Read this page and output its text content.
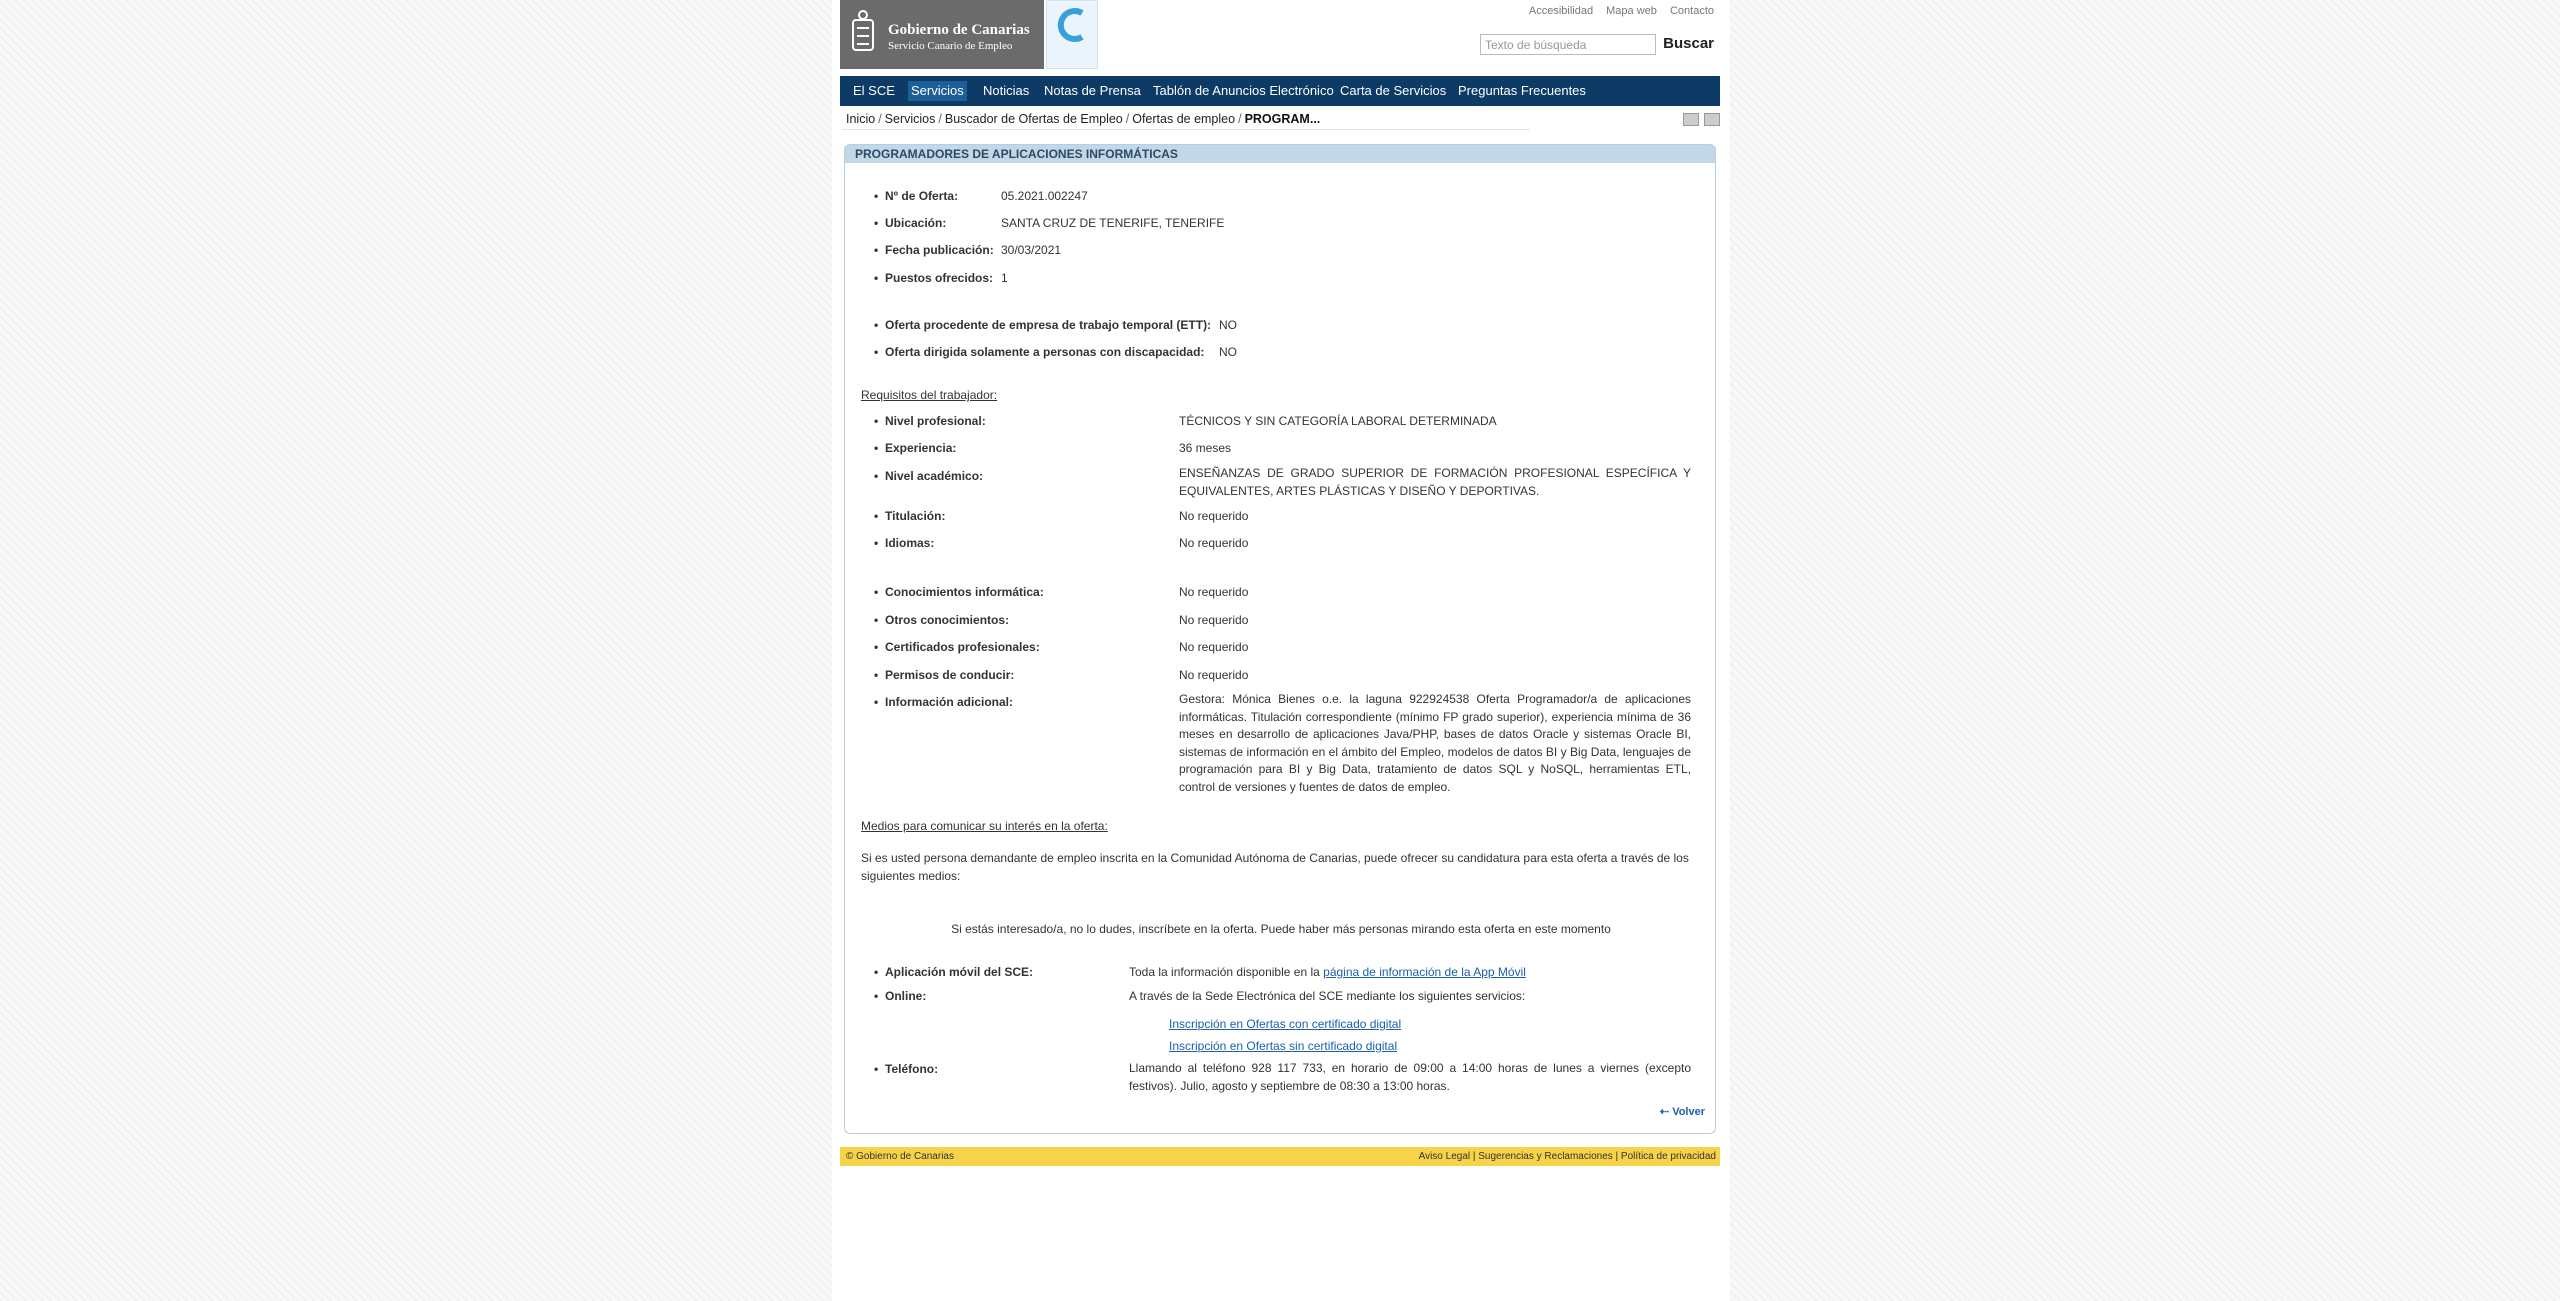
Gobierno de Canarias
Servicio Canario de Empleo
Accesibilidad Mapa web Contacto
Texto de búsqueda	Buscar
El SCE Servicios Noticias Notas de Prensa Tablón de Anuncios Electrónico Carta de Servicios Preguntas Frecuentes
Inicio / Servicios / Buscador de Ofertas de Empleo / Ofertas de empleo / PROGRAM...
PROGRAMADORES DE APLICACIONES INFORMÁTICAS
• Nº de Oferta:	05.2021.002247
• Ubicación:	SANTA CRUZ DE TENERIFE, TENERIFE
• Fecha publicación: 30/03/2021
• Puestos ofrecidos: 1
• Oferta procedente de empresa de trabajo temporal (ETT): NO
• Oferta dirigida solamente a personas con discapacidad: NO
Requisitos del trabajador:
• Nivel profesional:	TÉCNICOS Y SIN CATEGORÍA LABORAL DETERMINADA
• Experiencia:	36 meses
• Nivel académico:	ENSEÑANZAS DE GRADO SUPERIOR DE FORMACIÓN PROFESIONAL ESPECÍFICA Y EQUIVALENTES, ARTES PLÁSTICAS Y DISEÑO Y DEPORTIVAS.
• Titulación:	No requerido
• Idiomas:	No requerido
• Conocimientos informática:	No requerido
• Otros conocimientos:	No requerido
• Certificados profesionales:	No requerido
• Permisos de conducir:	No requerido
• Información adicional:	Gestora: Mónica Bienes o.e. la laguna 922924538 Oferta Programador/a de aplicaciones informáticas. Titulación correspondiente (mínimo FP grado superior), experiencia mínima de 36 meses en desarrollo de aplicaciones Java/PHP, bases de datos Oracle y sistemas Oracle BI, sistemas de información en el ámbito del Empleo, modelos de datos BI y Big Data, lenguajes de programación para BI y Big Data, tratamiento de datos SQL y NoSQL, herramientas ETL, control de versiones y fuentes de datos de empleo.
Medios para comunicar su interés en la oferta:
Si es usted persona demandante de empleo inscrita en la Comunidad Autónoma de Canarias, puede ofrecer su candidatura para esta oferta a través de los siguientes medios:
Si estás interesado/a, no lo dudes, inscríbete en la oferta. Puede haber más personas mirando esta oferta en este momento
• Aplicación móvil del SCE:	Toda la información disponible en la página de información de la App Móvil
• Online:	A través de la Sede Electrónica del SCE mediante los siguientes servicios:
Inscripción en Ofertas con certificado digital
Inscripción en Ofertas sin certificado digital
• Teléfono:	Llamando al teléfono 928 117 733, en horario de 09:00 a 14:00 horas de lunes a viernes (excepto festivos). Julio, agosto y septiembre de 08:30 a 13:00 horas.
⇠ Volver
© Gobierno de Canarias	Aviso Legal | Sugerencias y Reclamaciones | Política de privacidad
